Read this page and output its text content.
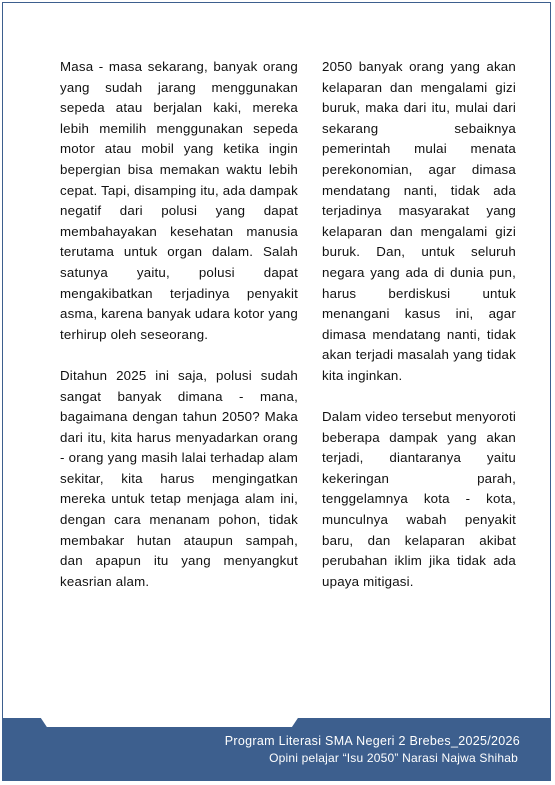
Masa - masa sekarang, banyak orang yang sudah jarang menggunakan sepeda atau berjalan kaki, mereka lebih memilih menggunakan sepeda motor atau mobil yang ketika ingin bepergian bisa memakan waktu lebih cepat. Tapi, disamping itu, ada dampak negatif dari polusi yang dapat membahayakan kesehatan manusia terutama untuk organ dalam. Salah satunya yaitu, polusi dapat mengakibatkan terjadinya penyakit asma, karena banyak udara kotor yang terhirup oleh seseorang.

Ditahun 2025 ini saja, polusi sudah sangat banyak dimana - mana, bagaimana dengan tahun 2050? Maka dari itu, kita harus menyadarkan orang - orang yang masih lalai terhadap alam sekitar, kita harus mengingatkan mereka untuk tetap menjaga alam ini, dengan cara menanam pohon, tidak membakar hutan ataupun sampah, dan apapun itu yang menyangkut keasrian alam.

2050 banyak orang yang akan kelaparan dan mengalami gizi buruk, maka dari itu, mulai dari sekarang sebaiknya pemerintah mulai menata perekonomian, agar dimasa mendatang nanti, tidak ada terjadinya masyarakat yang kelaparan dan mengalami gizi buruk. Dan, untuk seluruh negara yang ada di dunia pun, harus berdiskusi untuk menangani kasus ini, agar dimasa mendatang nanti, tidak akan terjadi masalah yang tidak kita inginkan.

Dalam video tersebut menyoroti beberapa dampak yang akan terjadi, diantaranya yaitu kekeringan parah, tenggelamnya kota - kota, munculnya wabah penyakit baru, dan kelaparan akibat perubahan iklim jika tidak ada upaya mitigasi.

Program Literasi SMA Negeri 2 Brebes_2025/2026
Opini pelajar “Isu 2050” Narasi Najwa Shihab
